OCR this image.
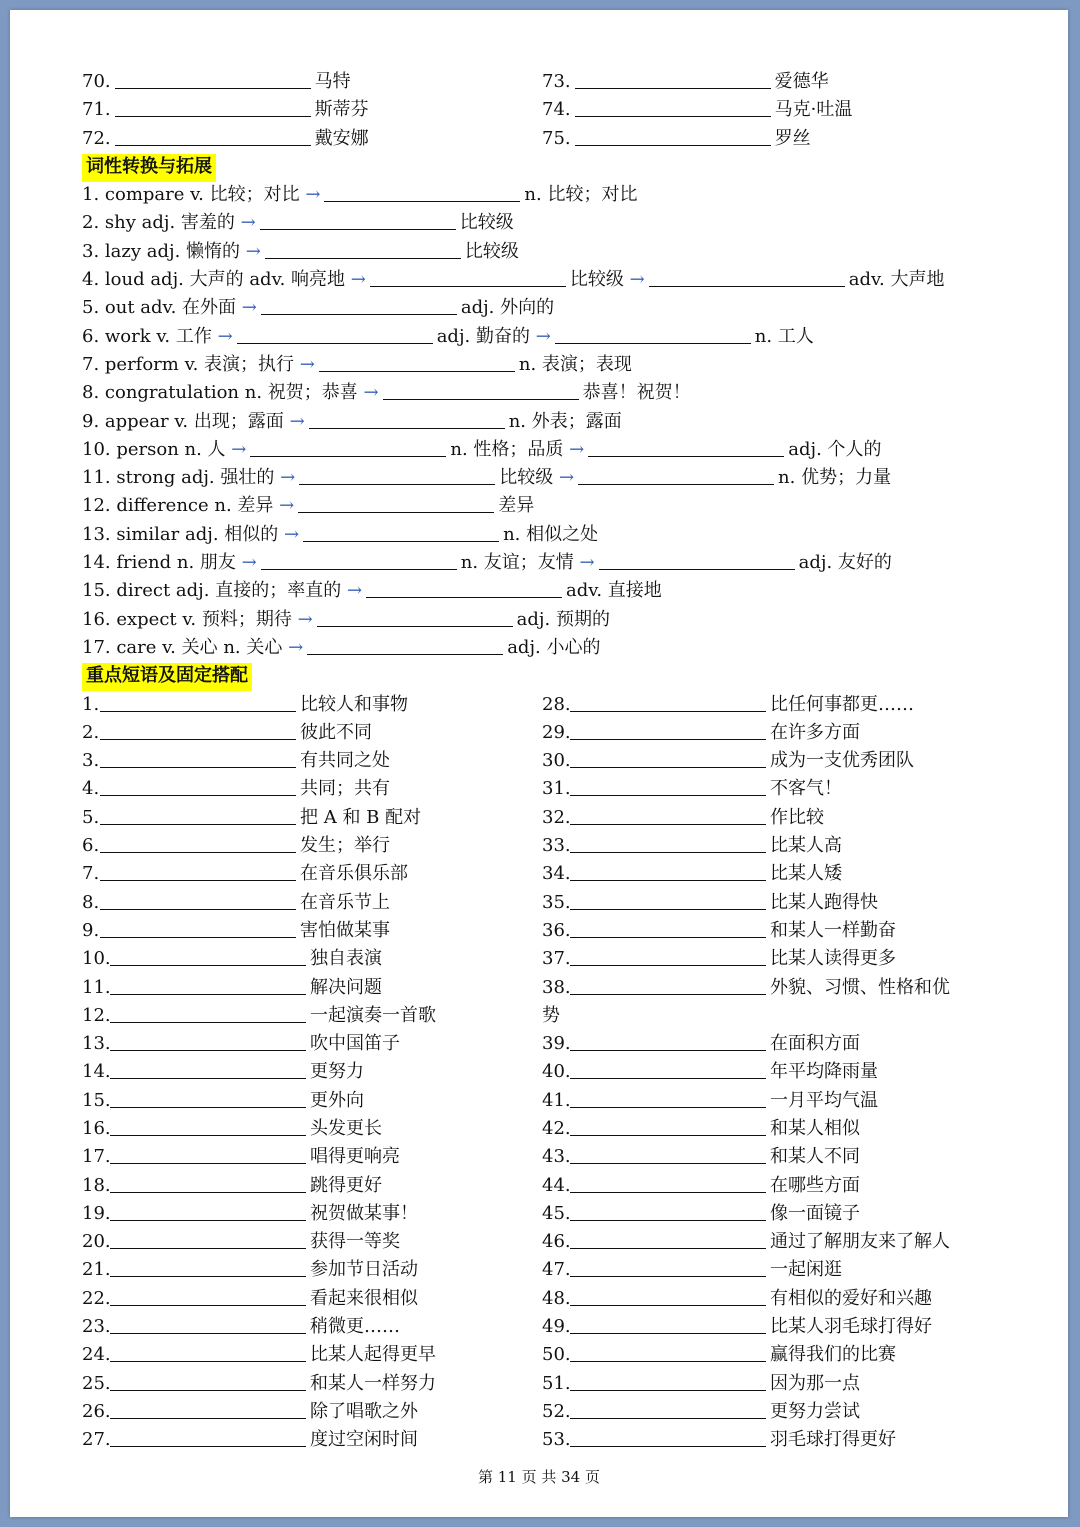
70.	马特
71.	斯蒂芬
72.	戴安娜
73.	爱德华
74.	马克·吐温
75.	罗丝
词性转换与拓展
1. compare v. 比较；对比 →	n. 比较；对比
2. shy adj. 害羞的 →	比较级
3. lazy adj. 懒惰的 →	比较级
4. loud adj. 大声的 adv. 响亮地 →	比较级 →	adv. 大声地
5. out adv. 在外面 →	adj. 外向的
6. work v. 工作 →	adj. 勤奋的 →	n. 工人
7. perform v. 表演；执行 →	n. 表演；表现
8. congratulation n. 祝贺；恭喜 →	恭喜！祝贺！
9. appear v. 出现；露面 →	n. 外表；露面
10. person n. 人 →	n. 性格；品质 →	adj. 个人的
11. strong adj. 强壮的 →	比较级 →	n. 优势；力量
12. difference n. 差异 →	差异
13. similar adj. 相似的 →	n. 相似之处
14. friend n. 朋友 →	n. 友谊；友情 →	adj. 友好的
15. direct adj. 直接的；率直的 →	adv. 直接地
16. expect v. 预料；期待 →	adj. 预期的
17. care v. 关心 n. 关心 →	adj. 小心的
重点短语及固定搭配
1.	比较人和事物
2.	彼此不同
3.	有共同之处
4.	共同；共有
5.	把 A 和 B 配对
6.	发生；举行
7.	在音乐俱乐部
8.	在音乐节上
9.	害怕做某事
10.	独自表演
11.	解决问题
12.	一起演奏一首歌
13.	吹中国笛子
14.	更努力
15.	更外向
16.	头发更长
17.	唱得更响亮
18.	跳得更好
19.	祝贺做某事！
20.	获得一等奖
21.	参加节日活动
22.	看起来很相似
23.	稍微更……
24.	比某人起得更早
25.	和某人一样努力
26.	除了唱歌之外
27.	度过空闲时间
28.	比任何事都更……
29.	在许多方面
30.	成为一支优秀团队
31.	不客气！
32.	作比较
33.	比某人高
34.	比某人矮
35.	比某人跑得快
36.	和某人一样勤奋
37.	比某人读得更多
38.	外貌、习惯、性格和优势
39.	在面积方面
40.	年平均降雨量
41.	一月平均气温
42.	和某人相似
43.	和某人不同
44.	在哪些方面
45.	像一面镜子
46.	通过了解朋友来了解人
47.	一起闲逛
48.	有相似的爱好和兴趣
49.	比某人羽毛球打得好
50.	赢得我们的比赛
51.	因为那一点
52.	更努力尝试
53.	羽毛球打得更好
第 11 页 共 34 页
